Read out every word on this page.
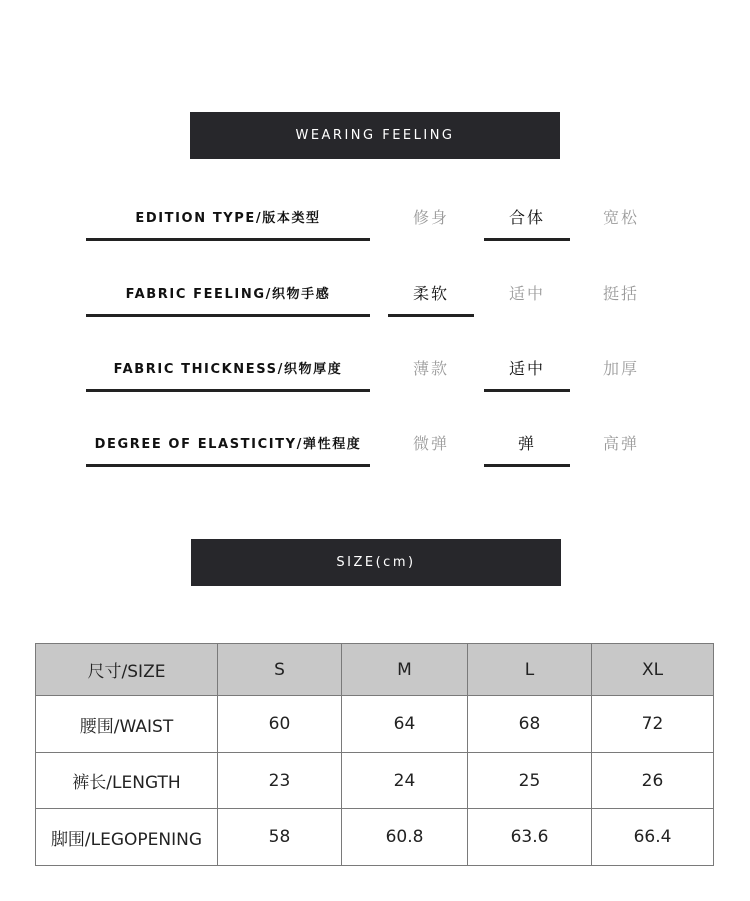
WEARING FEELING
EDITION TYPE/版本类型	修身	合体	宽松
FABRIC FEELING/织物手感	柔软	适中	挺括
FABRIC THICKNESS/织物厚度	薄款	适中	加厚
DEGREE OF ELASTICITY/弹性程度	微弹	弹	高弹
SIZE(cm)
尺寸/SIZE	S	M	L	XL
腰围/WAIST	60	64	68	72
裤长/LENGTH	23	24	25	26
脚围/LEGOPENING	58	60.8	63.6	66.4
